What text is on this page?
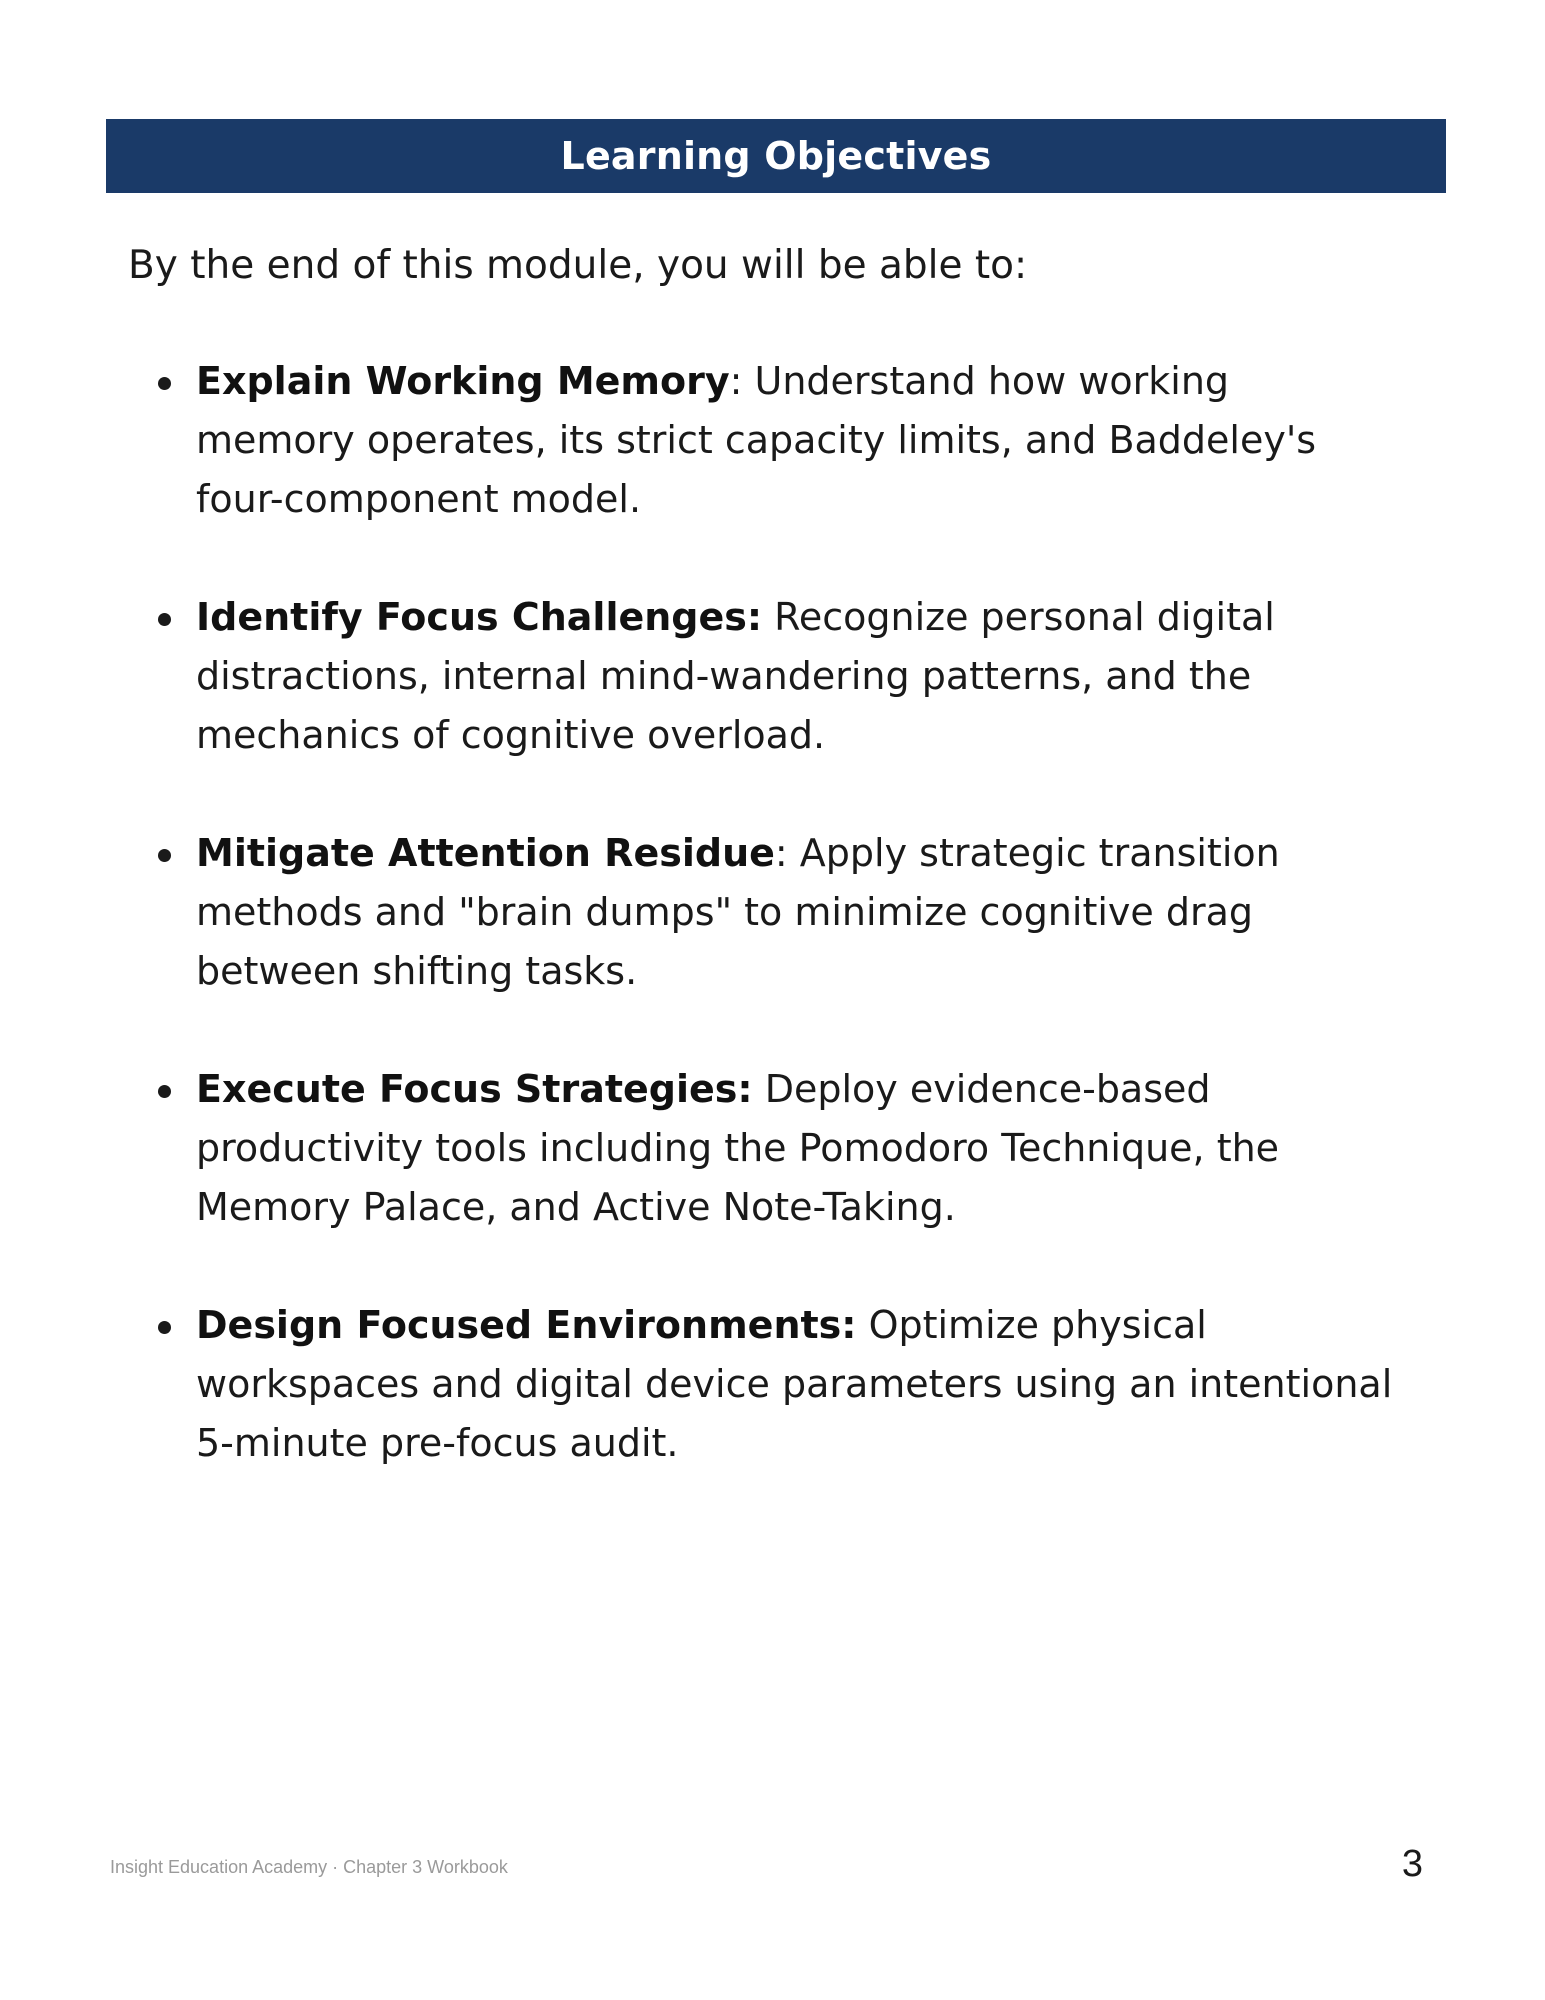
Learning Objectives

By the end of this module, you will be able to:

Explain Working Memory: Understand how working memory operates, its strict capacity limits, and Baddeley's four-component model.
Identify Focus Challenges: Recognize personal digital distractions, internal mind-wandering patterns, and the mechanics of cognitive overload.
Mitigate Attention Residue: Apply strategic transition methods and "brain dumps" to minimize cognitive drag between shifting tasks.
Execute Focus Strategies: Deploy evidence-based productivity tools including the Pomodoro Technique, the Memory Palace, and Active Note-Taking.
Design Focused Environments: Optimize physical workspaces and digital device parameters using an intentional 5-minute pre-focus audit.
Insight Education Academy · Chapter 3 Workbook	3
